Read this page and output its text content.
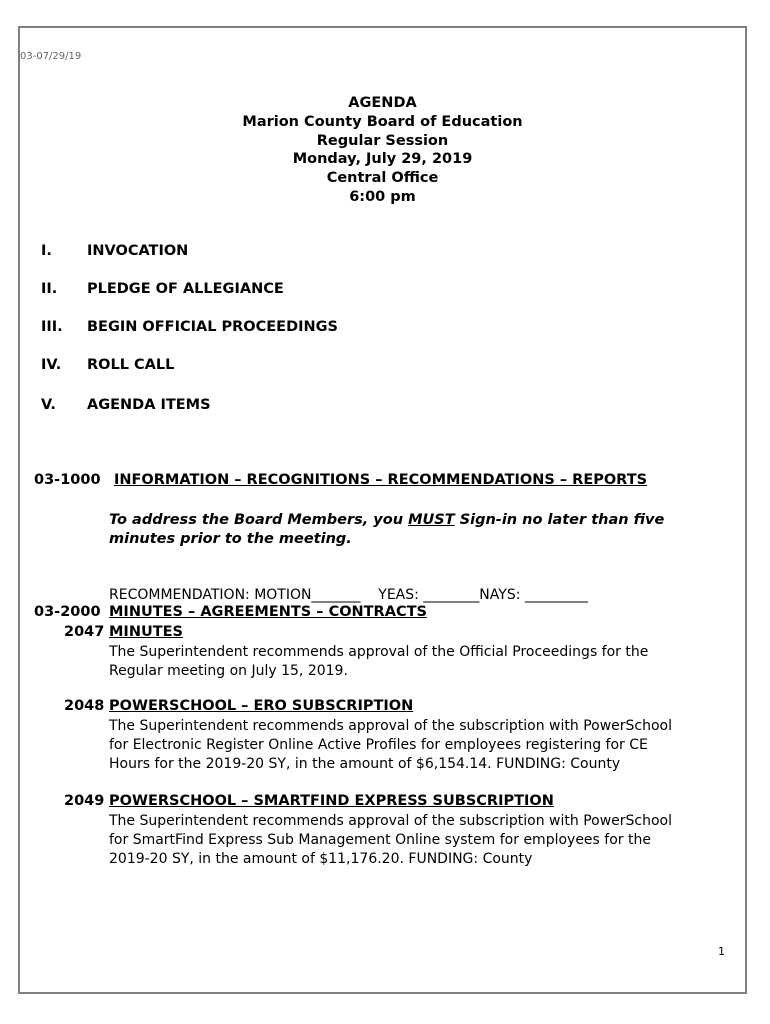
03-07/29/19
AGENDA
Marion County Board of Education
Regular Session
Monday, July 29, 2019
Central Office
6:00 pm
I. INVOCATION
II. PLEDGE OF ALLEGIANCE
III. BEGIN OFFICIAL PROCEEDINGS
IV. ROLL CALL
V. AGENDA ITEMS
03-1000 INFORMATION – RECOGNITIONS – RECOMMENDATIONS – REPORTS
To address the Board Members, you MUST Sign-in no later than five
minutes prior to the meeting.
RECOMMENDATION: MOTION_______    YEAS: ________NAYS: _________
03-2000 MINUTES – AGREEMENTS – CONTRACTS
2047 MINUTES
The Superintendent recommends approval of the Official Proceedings for the
Regular meeting on July 15, 2019.
2048 POWERSCHOOL – ERO SUBSCRIPTION
The Superintendent recommends approval of the subscription with PowerSchool
for Electronic Register Online Active Profiles for employees registering for CE
Hours for the 2019-20 SY, in the amount of $6,154.14. FUNDING: County
2049 POWERSCHOOL – SMARTFIND EXPRESS SUBSCRIPTION
The Superintendent recommends approval of the subscription with PowerSchool
for SmartFind Express Sub Management Online system for employees for the
2019-20 SY, in the amount of $11,176.20. FUNDING: County
1
